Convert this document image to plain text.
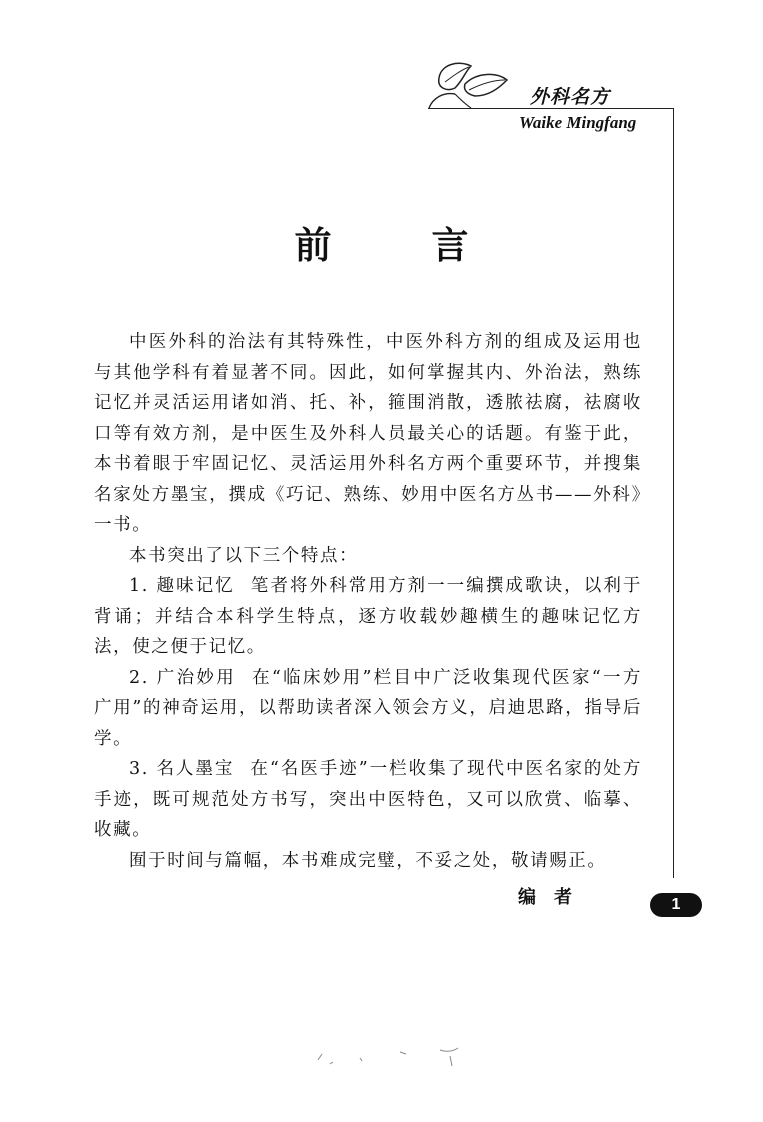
外科名方
Waike Mingfang
前言

中医外科的治法有其特殊性，中医外科方剂的组成及运用也与其他学科有着显著不同。因此，如何掌握其内、外治法，熟练记忆并灵活运用诸如消、托、补，箍围消散，透脓祛腐，祛腐收口等有效方剂，是中医生及外科人员最关心的话题。有鉴于此，本书着眼于牢固记忆、灵活运用外科名方两个重要环节，并搜集名家处方墨宝，撰成《巧记、熟练、妙用中医名方丛书——外科》一书。

本书突出了以下三个特点：

1. 趣味记忆 笔者将外科常用方剂一一编撰成歌诀，以利于背诵；并结合本科学生特点，逐方收载妙趣横生的趣味记忆方法，使之便于记忆。

2. 广治妙用 在“临床妙用”栏目中广泛收集现代医家“一方广用”的神奇运用，以帮助读者深入领会方义，启迪思路，指导后学。

3. 名人墨宝 在“名医手迹”一栏收集了现代中医名家的处方手迹，既可规范处方书写，突出中医特色，又可以欣赏、临摹、收藏。

囿于时间与篇幅，本书难成完璧，不妥之处，敬请赐正。

编者	1
